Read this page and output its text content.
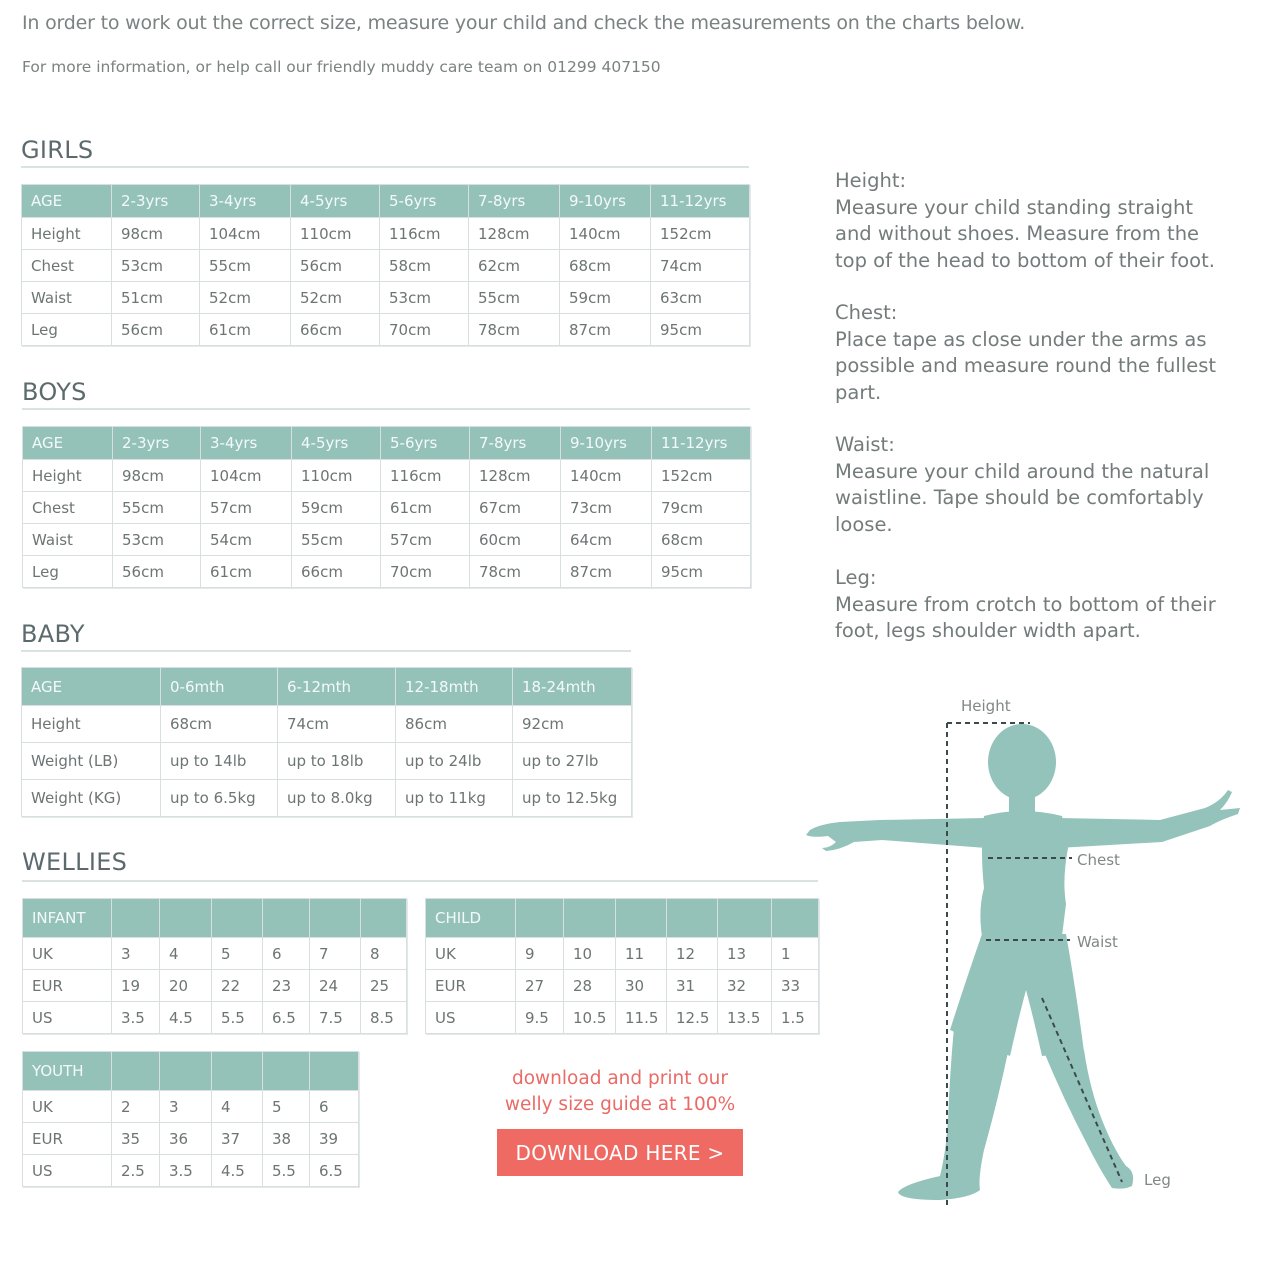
In order to work out the correct size, measure your child and check the measurements on the charts below.
For more information, or help call our friendly muddy care team on 01299 407150
GIRLS
AGE	2-3yrs	3-4yrs	4-5yrs	5-6yrs	7-8yrs	9-10yrs	11-12yrs
Height	98cm	104cm	110cm	116cm	128cm	140cm	152cm
Chest	53cm	55cm	56cm	58cm	62cm	68cm	74cm
Waist	51cm	52cm	52cm	53cm	55cm	59cm	63cm
Leg	56cm	61cm	66cm	70cm	78cm	87cm	95cm
BOYS
AGE	2-3yrs	3-4yrs	4-5yrs	5-6yrs	7-8yrs	9-10yrs	11-12yrs
Height	98cm	104cm	110cm	116cm	128cm	140cm	152cm
Chest	55cm	57cm	59cm	61cm	67cm	73cm	79cm
Waist	53cm	54cm	55cm	57cm	60cm	64cm	68cm
Leg	56cm	61cm	66cm	70cm	78cm	87cm	95cm
BABY
AGE	0-6mth	6-12mth	12-18mth	18-24mth
Height	68cm	74cm	86cm	92cm
Weight (LB)	up to 14lb	up to 18lb	up to 24lb	up to 27lb
Weight (KG)	up to 6.5kg	up to 8.0kg	up to 11kg	up to 12.5kg
WELLIES
INFANT						
UK	3	4	5	6	7	8
EUR	19	20	22	23	24	25
US	3.5	4.5	5.5	6.5	7.5	8.5
CHILD						
UK	9	10	11	12	13	1
EUR	27	28	30	31	32	33
US	9.5	10.5	11.5	12.5	13.5	1.5
YOUTH					
UK	2	3	4	5	6
EUR	35	36	37	38	39
US	2.5	3.5	4.5	5.5	6.5
download and print our
welly size guide at 100%
DOWNLOAD HERE >
Height:
Measure your child standing straight and without shoes. Measure from the top of the head to bottom of their foot.
Chest:
Place tape as close under the arms as possible and measure round the fullest part.
Waist:
Measure your child around the natural waistline. Tape should be comfortably loose.
Leg:
Measure from crotch to bottom of their foot, legs shoulder width apart.
Height
Chest
Waist
Leg
